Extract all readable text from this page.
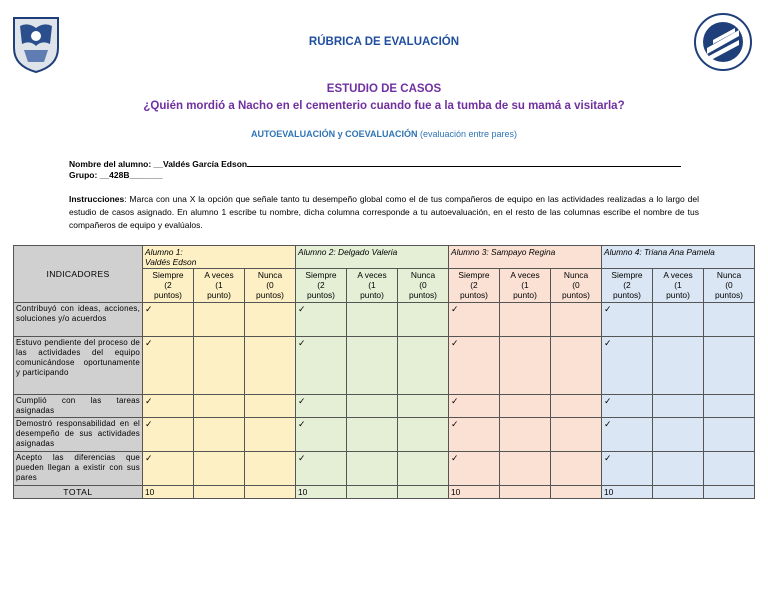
RÚBRICA DE EVALUACIÓN
ESTUDIO DE CASOS
¿Quién mordió a Nacho en el cementerio cuando fue a la tumba de su mamá a visitarla?
AUTOEVALUACIÓN y COEVALUACIÓN (evaluación entre pares)
Nombre del alumno: __Valdés García Edson
Grupo: __428B_______
Instrucciones: Marca con una X la opción que señale tanto tu desempeño global como el de tus compañeros de equipo en las actividades realizadas a lo largo del estudio de casos asignado. En alumno 1 escribe tu nombre, dicha columna corresponde a tu autoevaluación, en el resto de las columnas escribe el nombre de tus compañeros de equipo y evalúalos.
INDICADORES	Alumno 1:
Valdés Edson			Alumno 2: Delgado Valeria			Alumno 3: Sampayo Regina			Alumno 4: Triana Ana Pamela		
	Siempre
(2
puntos)	A veces
(1
punto)	Nunca
(0
puntos)	Siempre
(2
puntos)	A veces
(1
punto)	Nunca
(0
puntos)	Siempre
(2
puntos)	A veces
(1
punto)	Nunca
(0
puntos)	Siempre
(2
puntos)	A veces
(1
punto)	Nunca
(0
puntos)
Contribuyó con ideas, acciones, soluciones y/o acuerdos	✓			✓			✓			✓		
Estuvo pendiente del proceso de las actividades del equipo comunicándose oportunamente y participando	✓			✓			✓			✓		
Cumplió con las tareas asignadas	✓			✓			✓			✓		
Demostró responsabilidad en el desempeño de sus actividades asignadas	✓			✓			✓			✓		
Acepto las diferencias que pueden llegan a existir con sus pares	✓			✓			✓			✓		
TOTAL	10			10			10			10		
